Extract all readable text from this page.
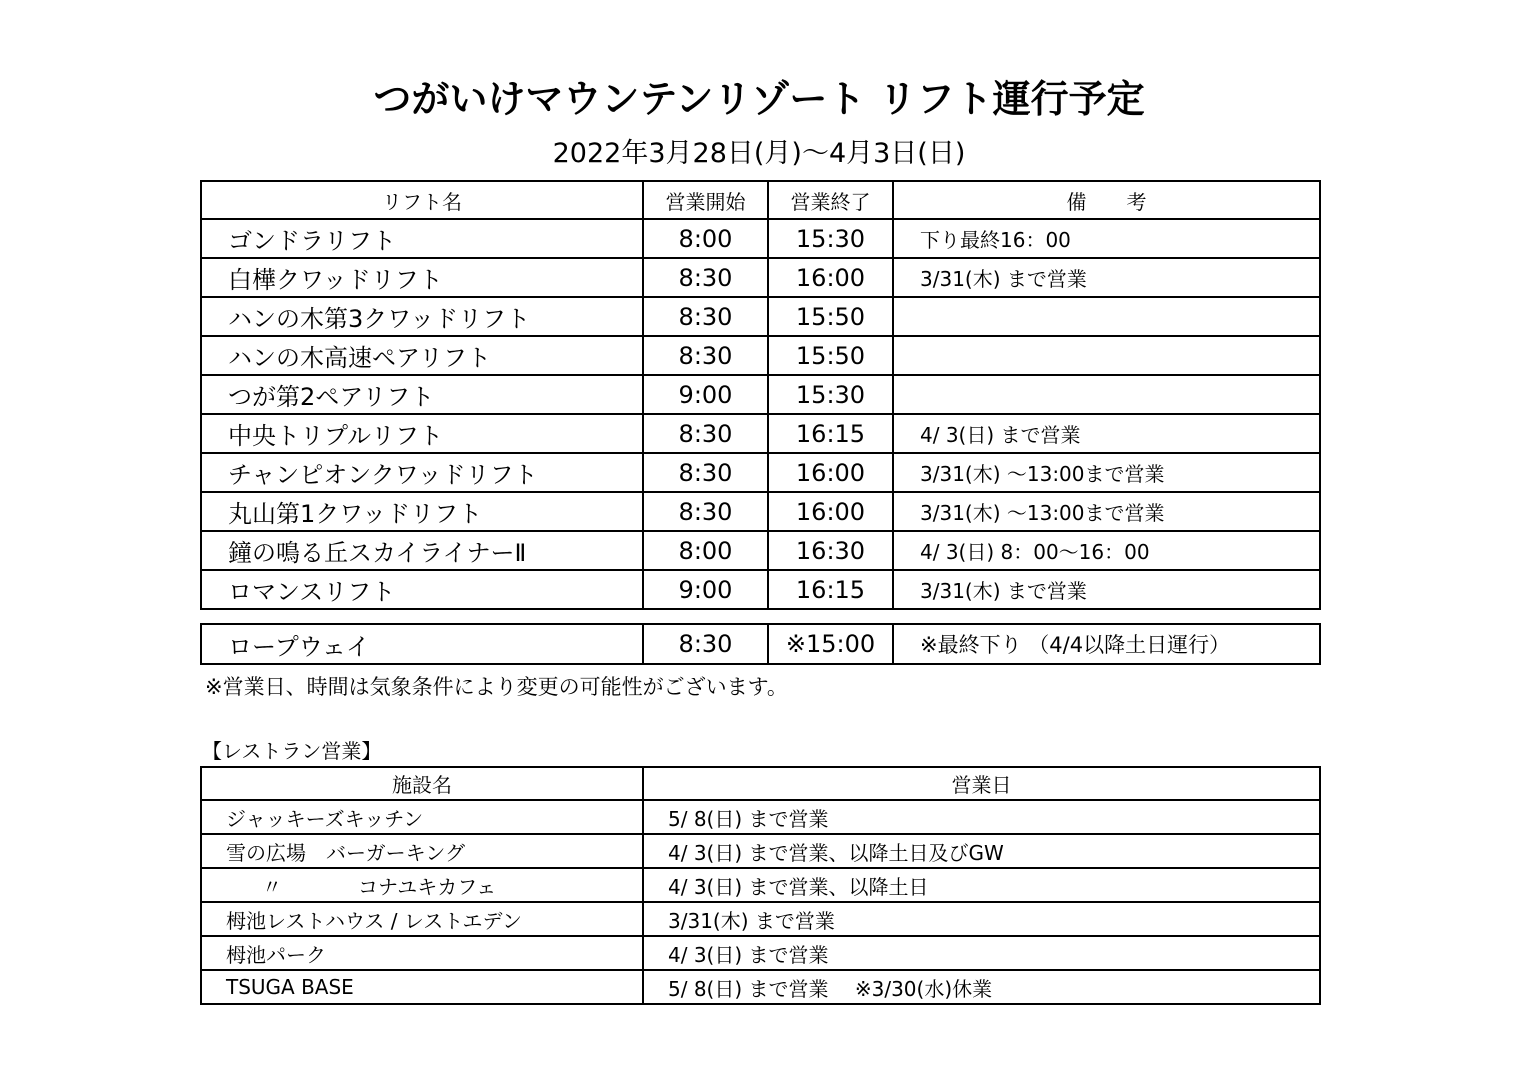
つがいけマウンテンリゾート リフト運行予定
2022年3月28日(月)～4月3日(日)
リフト名	営業開始	営業終了	備　　考
ゴンドラリフト	8:00	15:30	下り最終16：00
白樺クワッドリフト	8:30	16:00	3/31(木) まで営業
ハンの木第3クワッドリフト	8:30	15:50	
ハンの木高速ペアリフト	8:30	15:50	
つが第2ペアリフト	9:00	15:30	
中央トリプルリフト	8:30	16:15	4/ 3(日) まで営業
チャンピオンクワッドリフト	8:30	16:00	3/31(木) ～13:00まで営業
丸山第1クワッドリフト	8:30	16:00	3/31(木) ～13:00まで営業
鐘の鳴る丘スカイライナーⅡ	8:00	16:30	4/ 3(日) 8：00～16：00
ロマンスリフト	9:00	16:15	3/31(木) まで営業
ロープウェイ	8:30	※15:00	※最終下り （4/4以降土日運行）
※営業日、時間は気象条件により変更の可能性がございます。
【レストラン営業】
施設名	営業日
ジャッキーズキッチン	5/ 8(日) まで営業
雪の広場　バーガーキング	4/ 3(日) まで営業、以降土日及びGW
〃 コナユキカフェ	4/ 3(日) まで営業、以降土日
栂池レストハウス / レストエデン	3/31(木) まで営業
栂池パーク	4/ 3(日) まで営業
TSUGA BASE	5/ 8(日) まで営業　 ※3/30(水)休業
